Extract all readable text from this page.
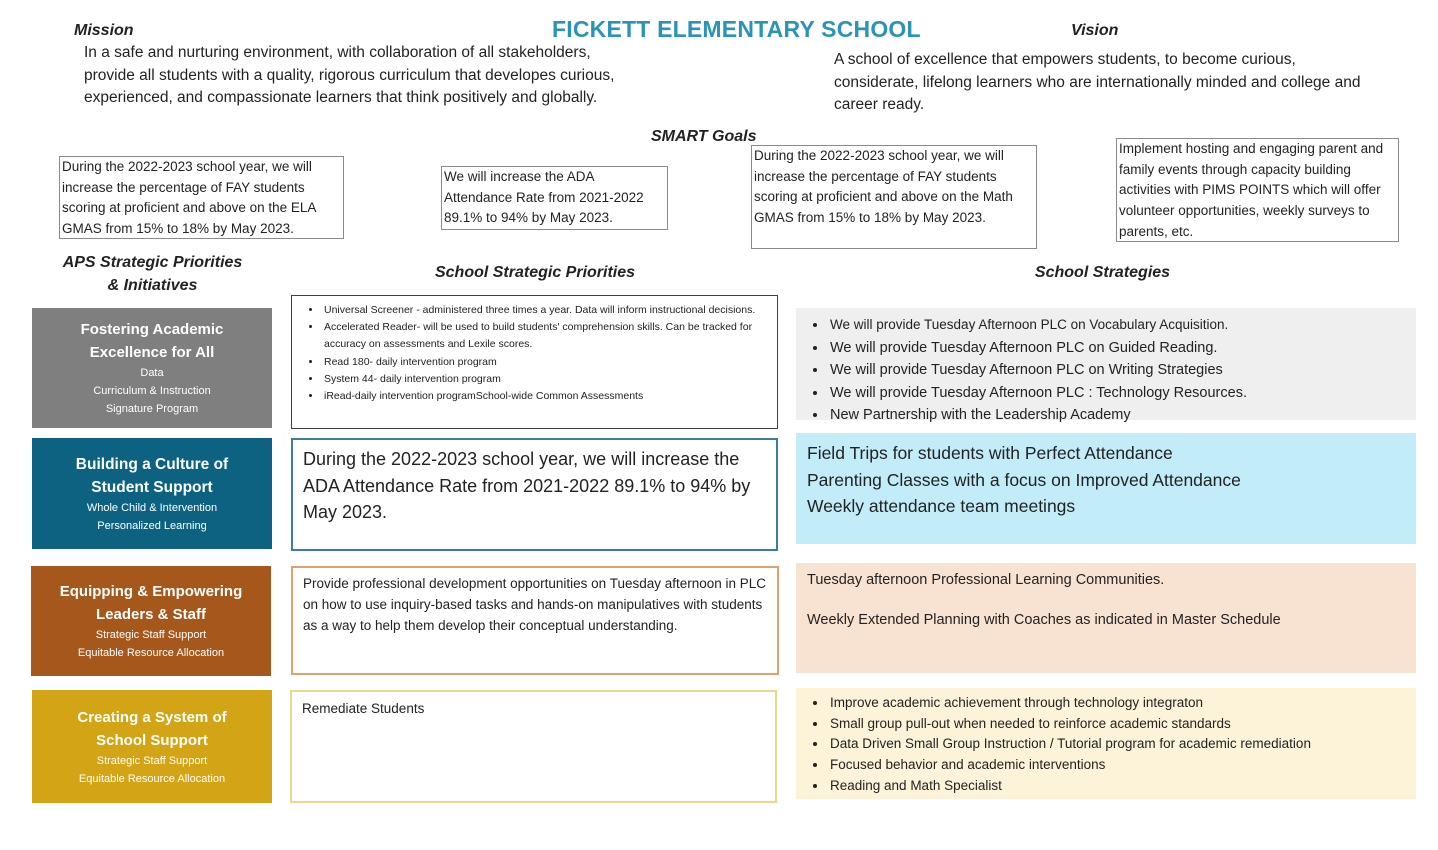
FICKETT ELEMENTARY SCHOOL
Mission
In a safe and nurturing environment, with collaboration of all stakeholders, provide all students with a quality, rigorous curriculum that developes curious, experienced, and compassionate learners that think positively and globally.
Vision
A school of excellence that empowers students, to become curious, considerate, lifelong learners who are internationally minded and college and career ready.
SMART Goals
During the 2022-2023 school year, we will increase the percentage of FAY students scoring at proficient and above on the ELA GMAS from 15% to 18% by May 2023.
We will increase the ADA Attendance Rate from 2021-2022 89.1% to 94% by May 2023.
During the 2022-2023 school year, we will increase the percentage of FAY students scoring at proficient and above on the Math GMAS from 15% to 18% by May 2023.
Implement hosting and engaging parent and family events through capacity building activities with PIMS POINTS which will offer volunteer opportunities, weekly surveys to parents, etc.
APS Strategic Priorities & Initiatives
School Strategic Priorities	School Strategies
Fostering Academic Excellence for All
Data
Curriculum & Instruction
Signature Program
• Universal Screener - administered three times a year. Data will inform instructional decisions.
• Accelerated Reader- will be used to build students' comprehension skills. Can be tracked for accuracy on assessments and Lexile scores.
• Read 180- daily intervention program
• System 44- daily intervention program
• iRead-daily intervention programSchool-wide Common Assessments
• We will provide Tuesday Afternoon PLC on Vocabulary Acquisition.
• We will provide Tuesday Afternoon PLC on Guided Reading.
• We will provide Tuesday Afternoon PLC on Writing Strategies
• We will provide Tuesday Afternoon PLC : Technology Resources.
• New Partnership with the Leadership Academy
Building a Culture of Student Support
Whole Child & Intervention
Personalized Learning
During the 2022-2023 school year, we will increase the ADA Attendance Rate from 2021-2022 89.1% to 94% by May 2023.
Field Trips for students with Perfect Attendance
Parenting Classes with a focus on Improved Attendance
Weekly attendance team meetings
Equipping & Empowering Leaders & Staff
Strategic Staff Support
Equitable Resource Allocation
Provide professional development opportunities on Tuesday afternoon in PLC on how to use inquiry-based tasks and hands-on manipulatives with students as a way to help them develop their conceptual understanding.
Tuesday afternoon Professional Learning Communities.
Weekly Extended Planning with Coaches as indicated in Master Schedule
Creating a System of School Support
Strategic Staff Support
Equitable Resource Allocation
Remediate Students
•	Improve academic achievement through technology integraton
• Small group pull-out when needed to reinforce academic standards
• Data Driven Small Group Instruction / Tutorial program for academic remediation
• Focused behavior and academic interventions
• Reading and Math Specialist
